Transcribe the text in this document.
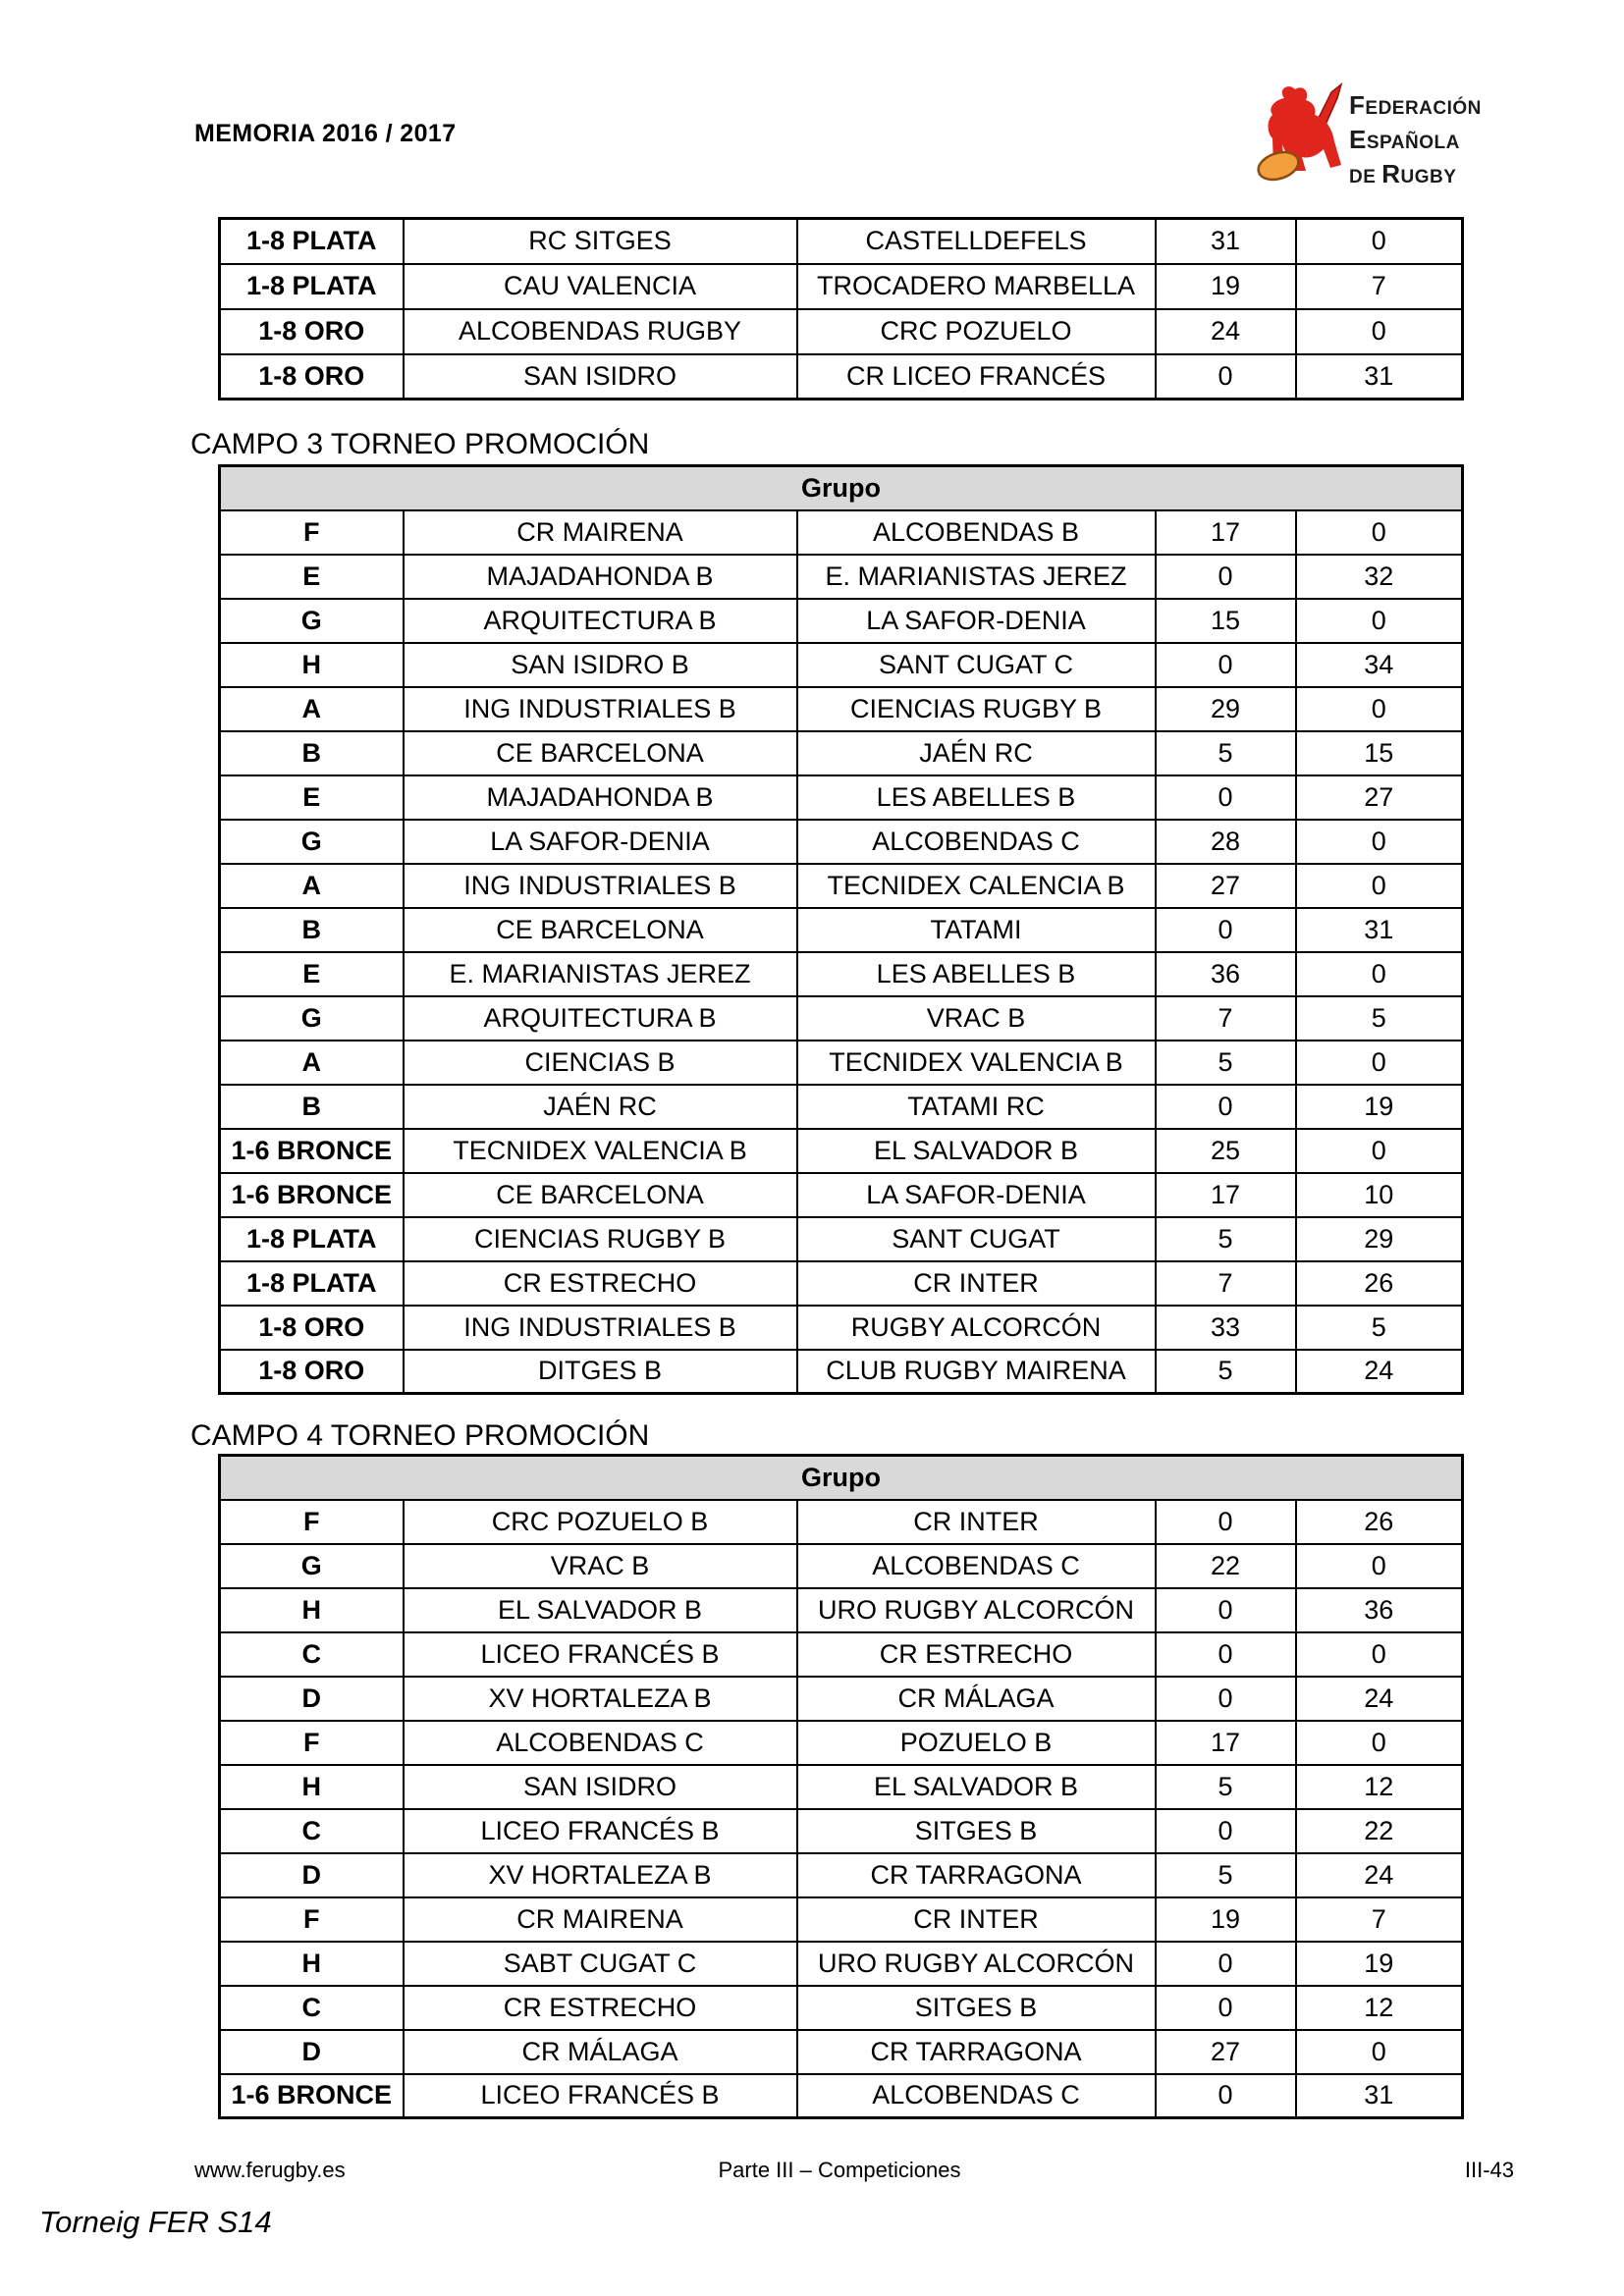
MEMORIA 2016 / 2017
FEDERACIÓN
ESPAÑOLA
DE RUGBY
1-8 PLATA	RC SITGES	CASTELLDEFELS	31	0
1-8 PLATA	CAU VALENCIA	TROCADERO MARBELLA	19	7
1-8 ORO	ALCOBENDAS RUGBY	CRC POZUELO	24	0
1-8 ORO	SAN ISIDRO	CR LICEO FRANCÉS	0	31
CAMPO 3 TORNEO PROMOCIÓN
Grupo				
F	CR MAIRENA	ALCOBENDAS B	17	0
E	MAJADAHONDA B	E. MARIANISTAS JEREZ	0	32
G	ARQUITECTURA B	LA SAFOR-DENIA	15	0
H	SAN ISIDRO B	SANT CUGAT C	0	34
A	ING INDUSTRIALES B	CIENCIAS RUGBY B	29	0
B	CE BARCELONA	JAÉN RC	5	15
E	MAJADAHONDA B	LES ABELLES B	0	27
G	LA SAFOR-DENIA	ALCOBENDAS C	28	0
A	ING INDUSTRIALES B	TECNIDEX CALENCIA B	27	0
B	CE BARCELONA	TATAMI	0	31
E	E. MARIANISTAS JEREZ	LES ABELLES B	36	0
G	ARQUITECTURA B	VRAC B	7	5
A	CIENCIAS B	TECNIDEX VALENCIA B	5	0
B	JAÉN RC	TATAMI RC	0	19
1-6 BRONCE	TECNIDEX VALENCIA B	EL SALVADOR B	25	0
1-6 BRONCE	CE BARCELONA	LA SAFOR-DENIA	17	10
1-8 PLATA	CIENCIAS RUGBY B	SANT CUGAT	5	29
1-8 PLATA	CR ESTRECHO	CR INTER	7	26
1-8 ORO	ING INDUSTRIALES B	RUGBY ALCORCÓN	33	5
1-8 ORO	DITGES B	CLUB RUGBY MAIRENA	5	24
CAMPO 4 TORNEO PROMOCIÓN
Grupo				
F	CRC POZUELO B	CR INTER	0	26
G	VRAC B	ALCOBENDAS C	22	0
H	EL SALVADOR B	URO RUGBY ALCORCÓN	0	36
C	LICEO FRANCÉS B	CR ESTRECHO	0	0
D	XV HORTALEZA B	CR MÁLAGA	0	24
F	ALCOBENDAS C	POZUELO B	17	0
H	SAN ISIDRO	EL SALVADOR B	5	12
C	LICEO FRANCÉS B	SITGES B	0	22
D	XV HORTALEZA B	CR TARRAGONA	5	24
F	CR MAIRENA	CR INTER	19	7
H	SABT CUGAT C	URO RUGBY ALCORCÓN	0	19
C	CR ESTRECHO	SITGES B	0	12
D	CR MÁLAGA	CR TARRAGONA	27	0
1-6 BRONCE	LICEO FRANCÉS B	ALCOBENDAS C	0	31
www.ferugby.es	Parte III – Competiciones	III-43
Torneig FER S14
